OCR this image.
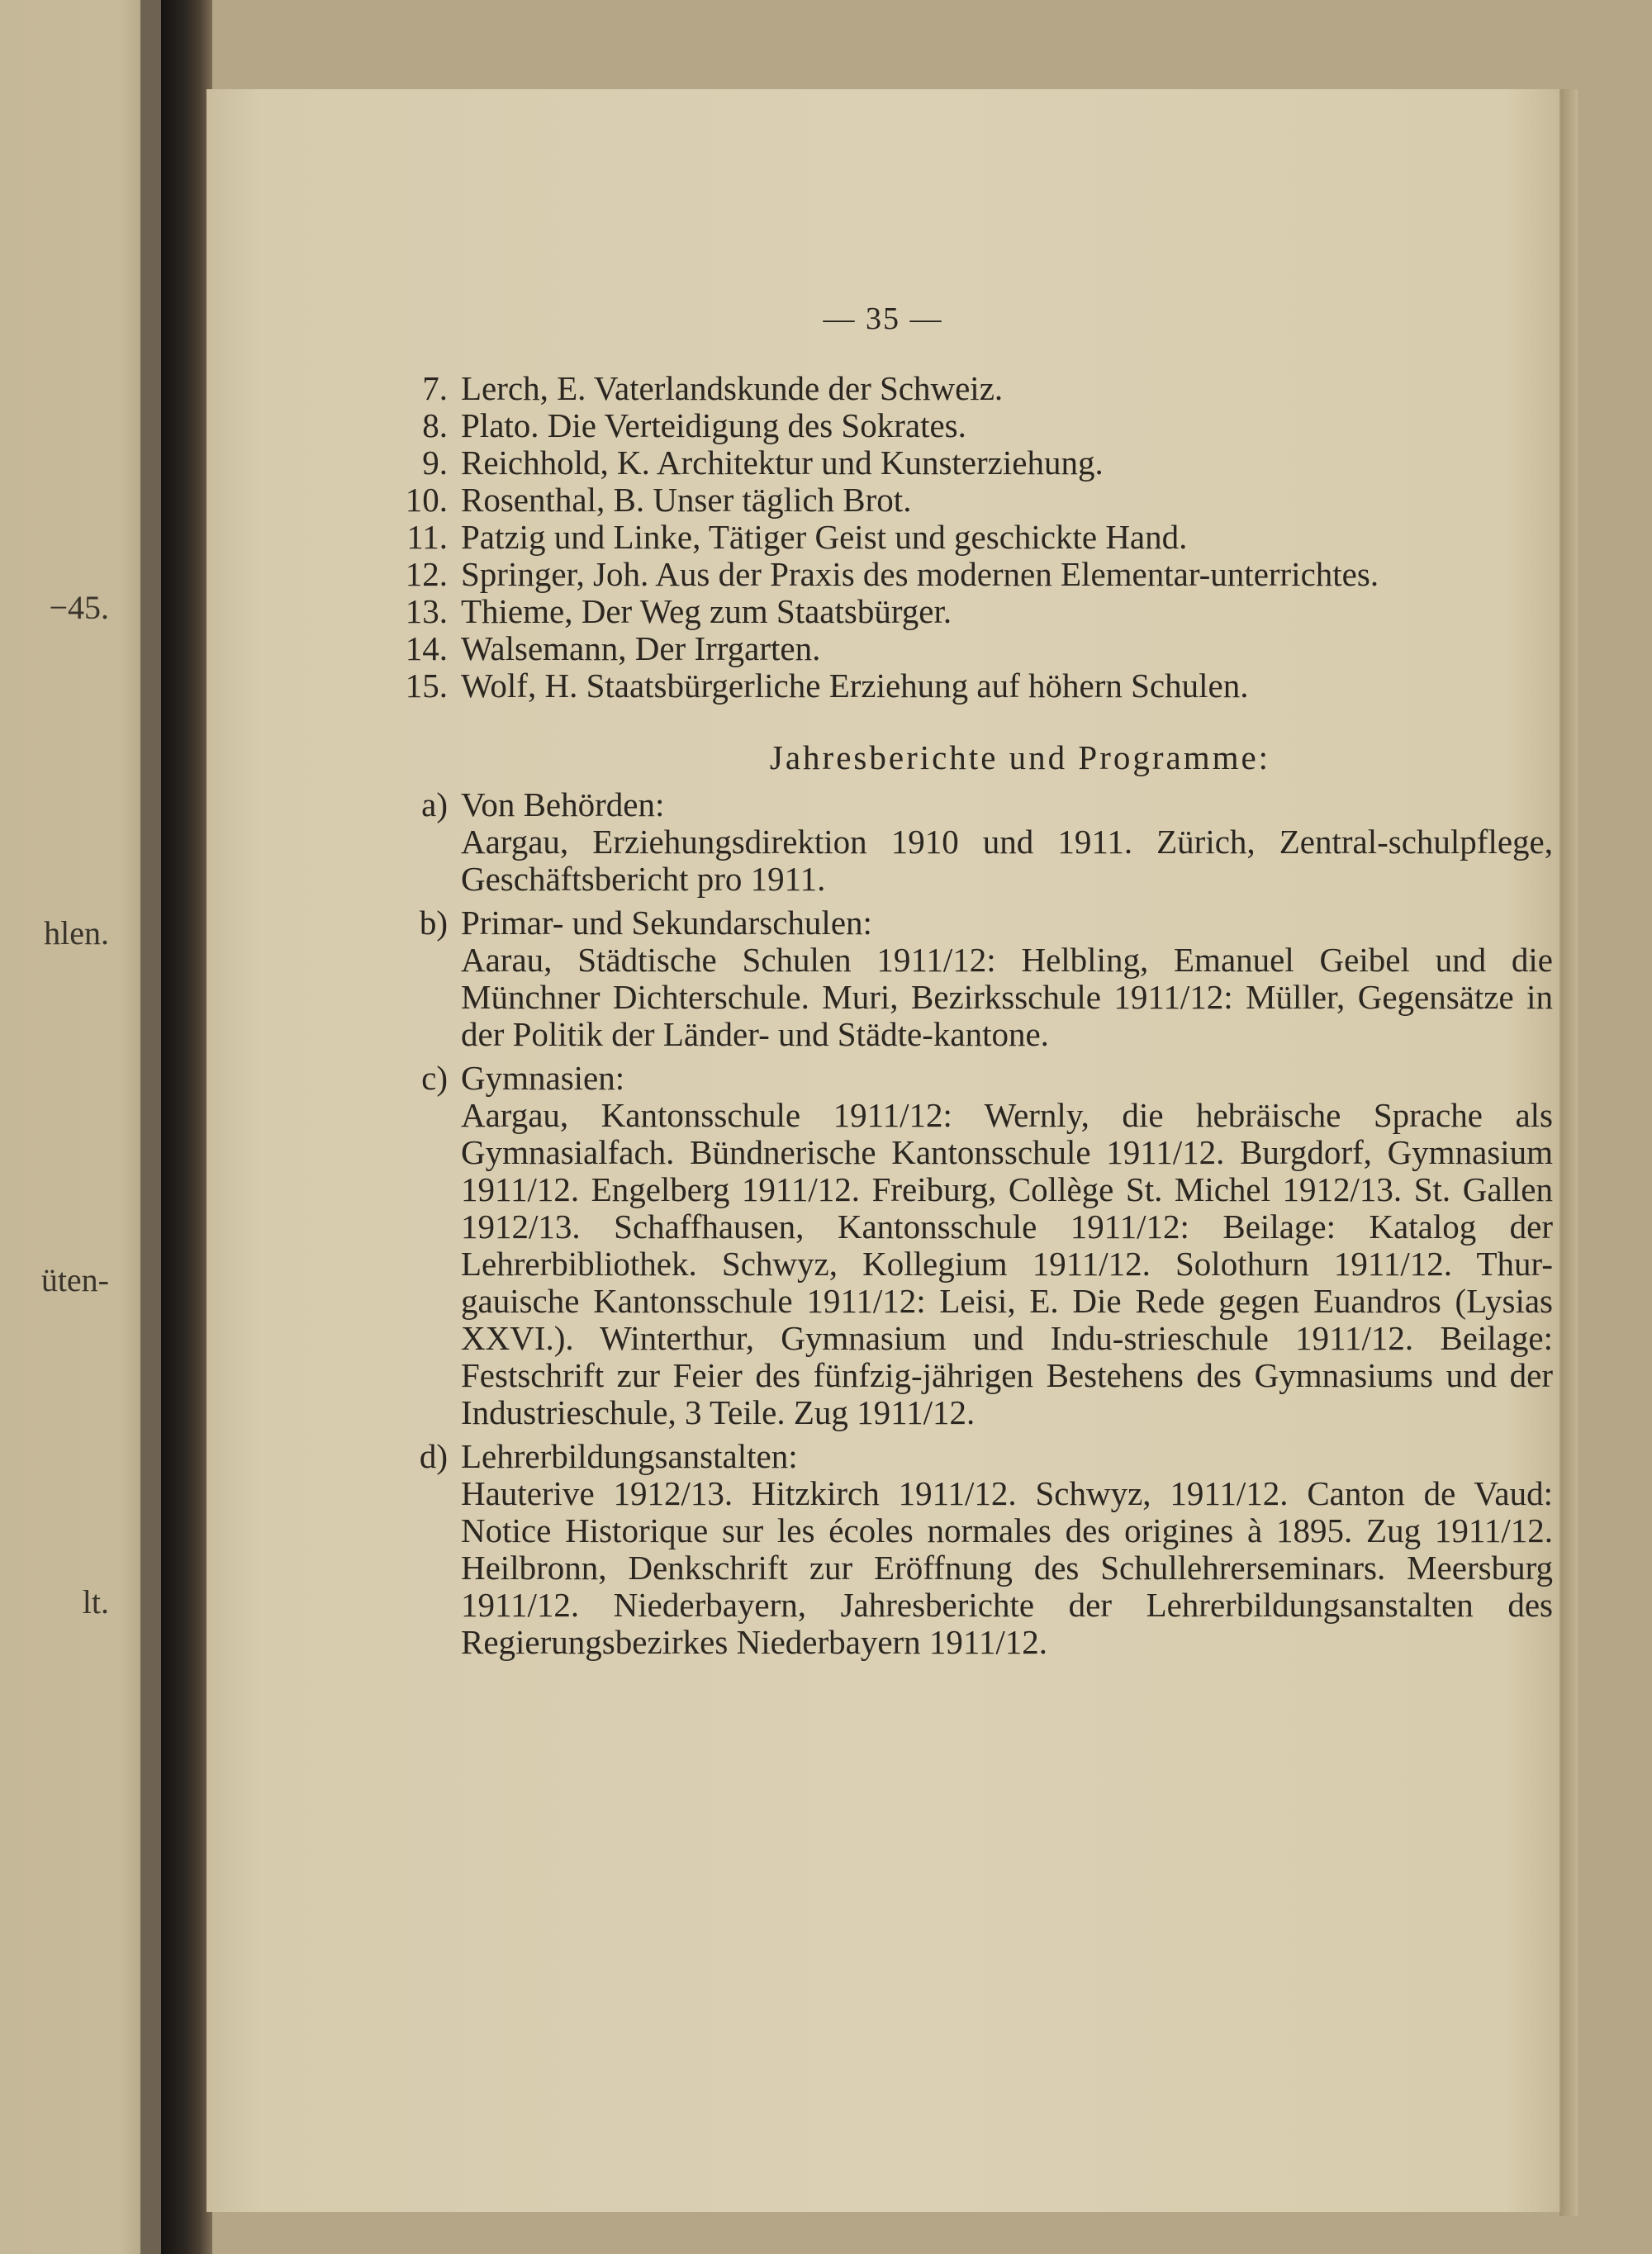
−45.
hlen.
üten-
lt.
— 35 —
7. Lerch, E. Vaterlandskunde der Schweiz.
8. Plato. Die Verteidigung des Sokrates.
9. Reichhold, K. Architektur und Kunsterziehung.
10. Rosenthal, B. Unser täglich Brot.
11. Patzig und Linke, Tätiger Geist und geschickte Hand.
12. Springer, Joh. Aus der Praxis des modernen Elementar-unterrichtes.
13. Thieme, Der Weg zum Staatsbürger.
14. Walsemann, Der Irrgarten.
15. Wolf, H. Staatsbürgerliche Erziehung auf höhern Schulen.
Jahresberichte und Programme:
a) Von Behörden:
Aargau, Erziehungsdirektion 1910 und 1911. Zürich, Zentral-schulpflege, Geschäftsbericht pro 1911.
b) Primar- und Sekundarschulen:
Aarau, Städtische Schulen 1911/12: Helbling, Emanuel Geibel und die Münchner Dichterschule. Muri, Bezirksschule 1911/12: Müller, Gegensätze in der Politik der Länder- und Städte-kantone.
c) Gymnasien:
Aargau, Kantonsschule 1911/12: Wernly, die hebräische Sprache als Gymnasialfach. Bündnerische Kantonsschule 1911/12. Burgdorf, Gymnasium 1911/12. Engelberg 1911/12. Freiburg, Collège St. Michel 1912/13. St. Gallen 1912/13. Schaffhausen, Kantonsschule 1911/12: Beilage: Katalog der Lehrerbibliothek. Schwyz, Kollegium 1911/12. Solothurn 1911/12. Thur-gauische Kantonsschule 1911/12: Leisi, E. Die Rede gegen Euandros (Lysias XXVI.). Winterthur, Gymnasium und Indu-strieschule 1911/12. Beilage: Festschrift zur Feier des fünfzig-jährigen Bestehens des Gymnasiums und der Industrieschule, 3 Teile. Zug 1911/12.
d) Lehrerbildungsanstalten:
Hauterive 1912/13. Hitzkirch 1911/12. Schwyz, 1911/12. Canton de Vaud: Notice Historique sur les écoles normales des origines à 1895. Zug 1911/12. Heilbronn, Denkschrift zur Eröffnung des Schullehrerseminars. Meersburg 1911/12. Niederbayern, Jahresberichte der Lehrerbildungsanstalten des Regierungsbezirkes Niederbayern 1911/12.
